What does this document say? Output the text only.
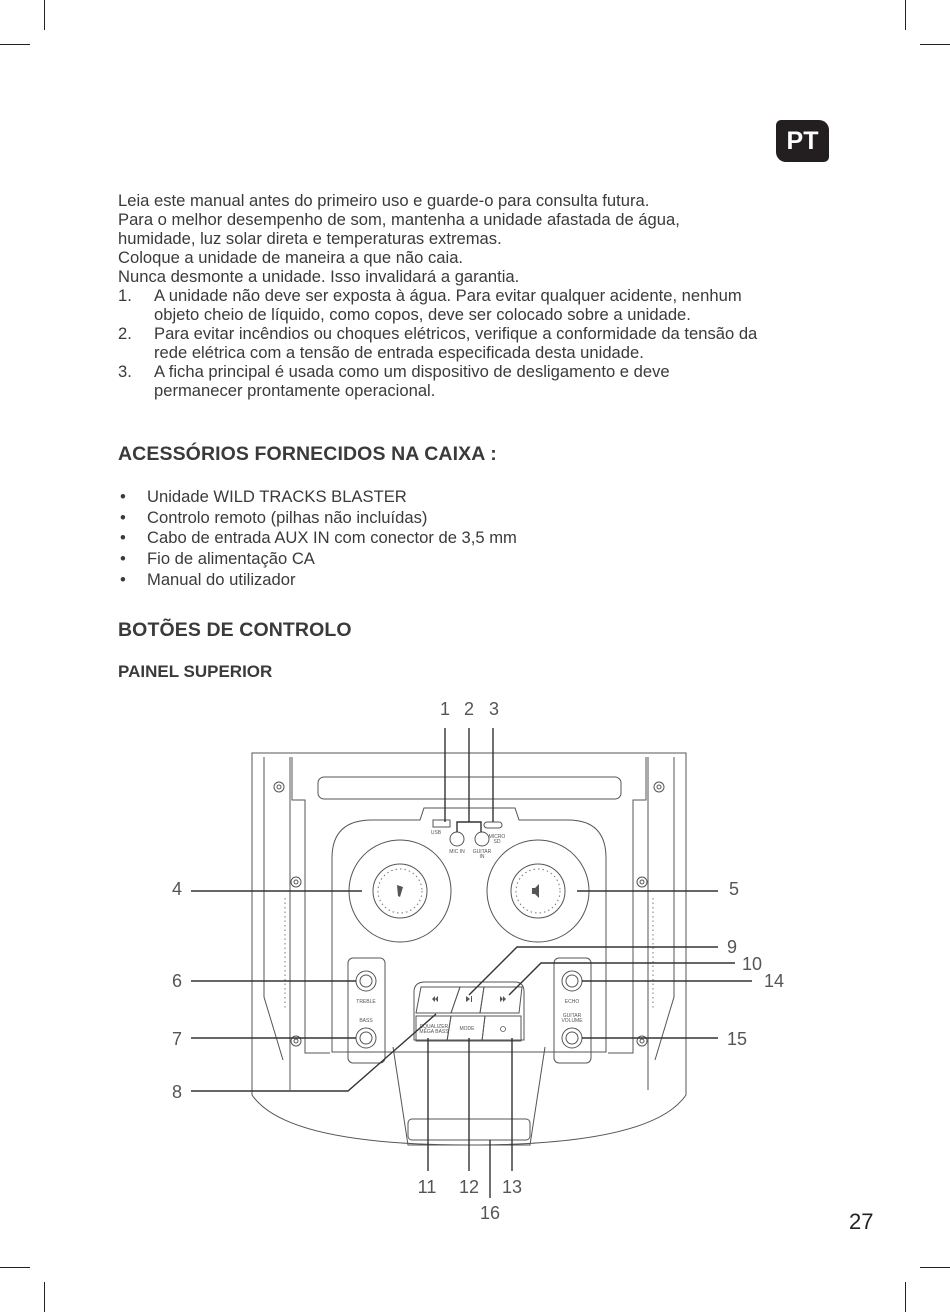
PT

Leia este manual antes do primeiro uso e guarde-o para consulta futura.

Para o melhor desempenho de som, mantenha a unidade afastada de água,

humidade, luz solar direta e temperaturas extremas.

Coloque a unidade de maneira a que não caia.

Nunca desmonte a unidade. Isso invalidará a garantia.

1. A unidade não deve ser exposta à água. Para evitar qualquer acidente, nenhum
objeto cheio de líquido, como copos, deve ser colocado sobre a unidade.
2. Para evitar incêndios ou choques elétricos, verifique a conformidade da tensão da
rede elétrica com a tensão de entrada especificada desta unidade.
3. A ficha principal é usada como um dispositivo de desligamento e deve
permanecer prontamente operacional.
ACESSÓRIOS FORNECIDOS NA CAIXA :
• Unidade WILD TRACKS BLASTER
• Controlo remoto (pilhas não incluídas)
• Cabo de entrada AUX IN com conector de 3,5 mm
• Fio de alimentação CA
• Manual do utilizador
BOTÕES DE CONTROLO
PAINEL SUPERIOR
USB
MIC IN GUITAR
IN
MICRO
SD
TREBLE
BASS
ECHO
GUITAR
VOLUME
EQUALIZER
MEGA BASS MODE
1 2 3
4	5
6
7
8
9
10
14
15
11 12 13
16	27
